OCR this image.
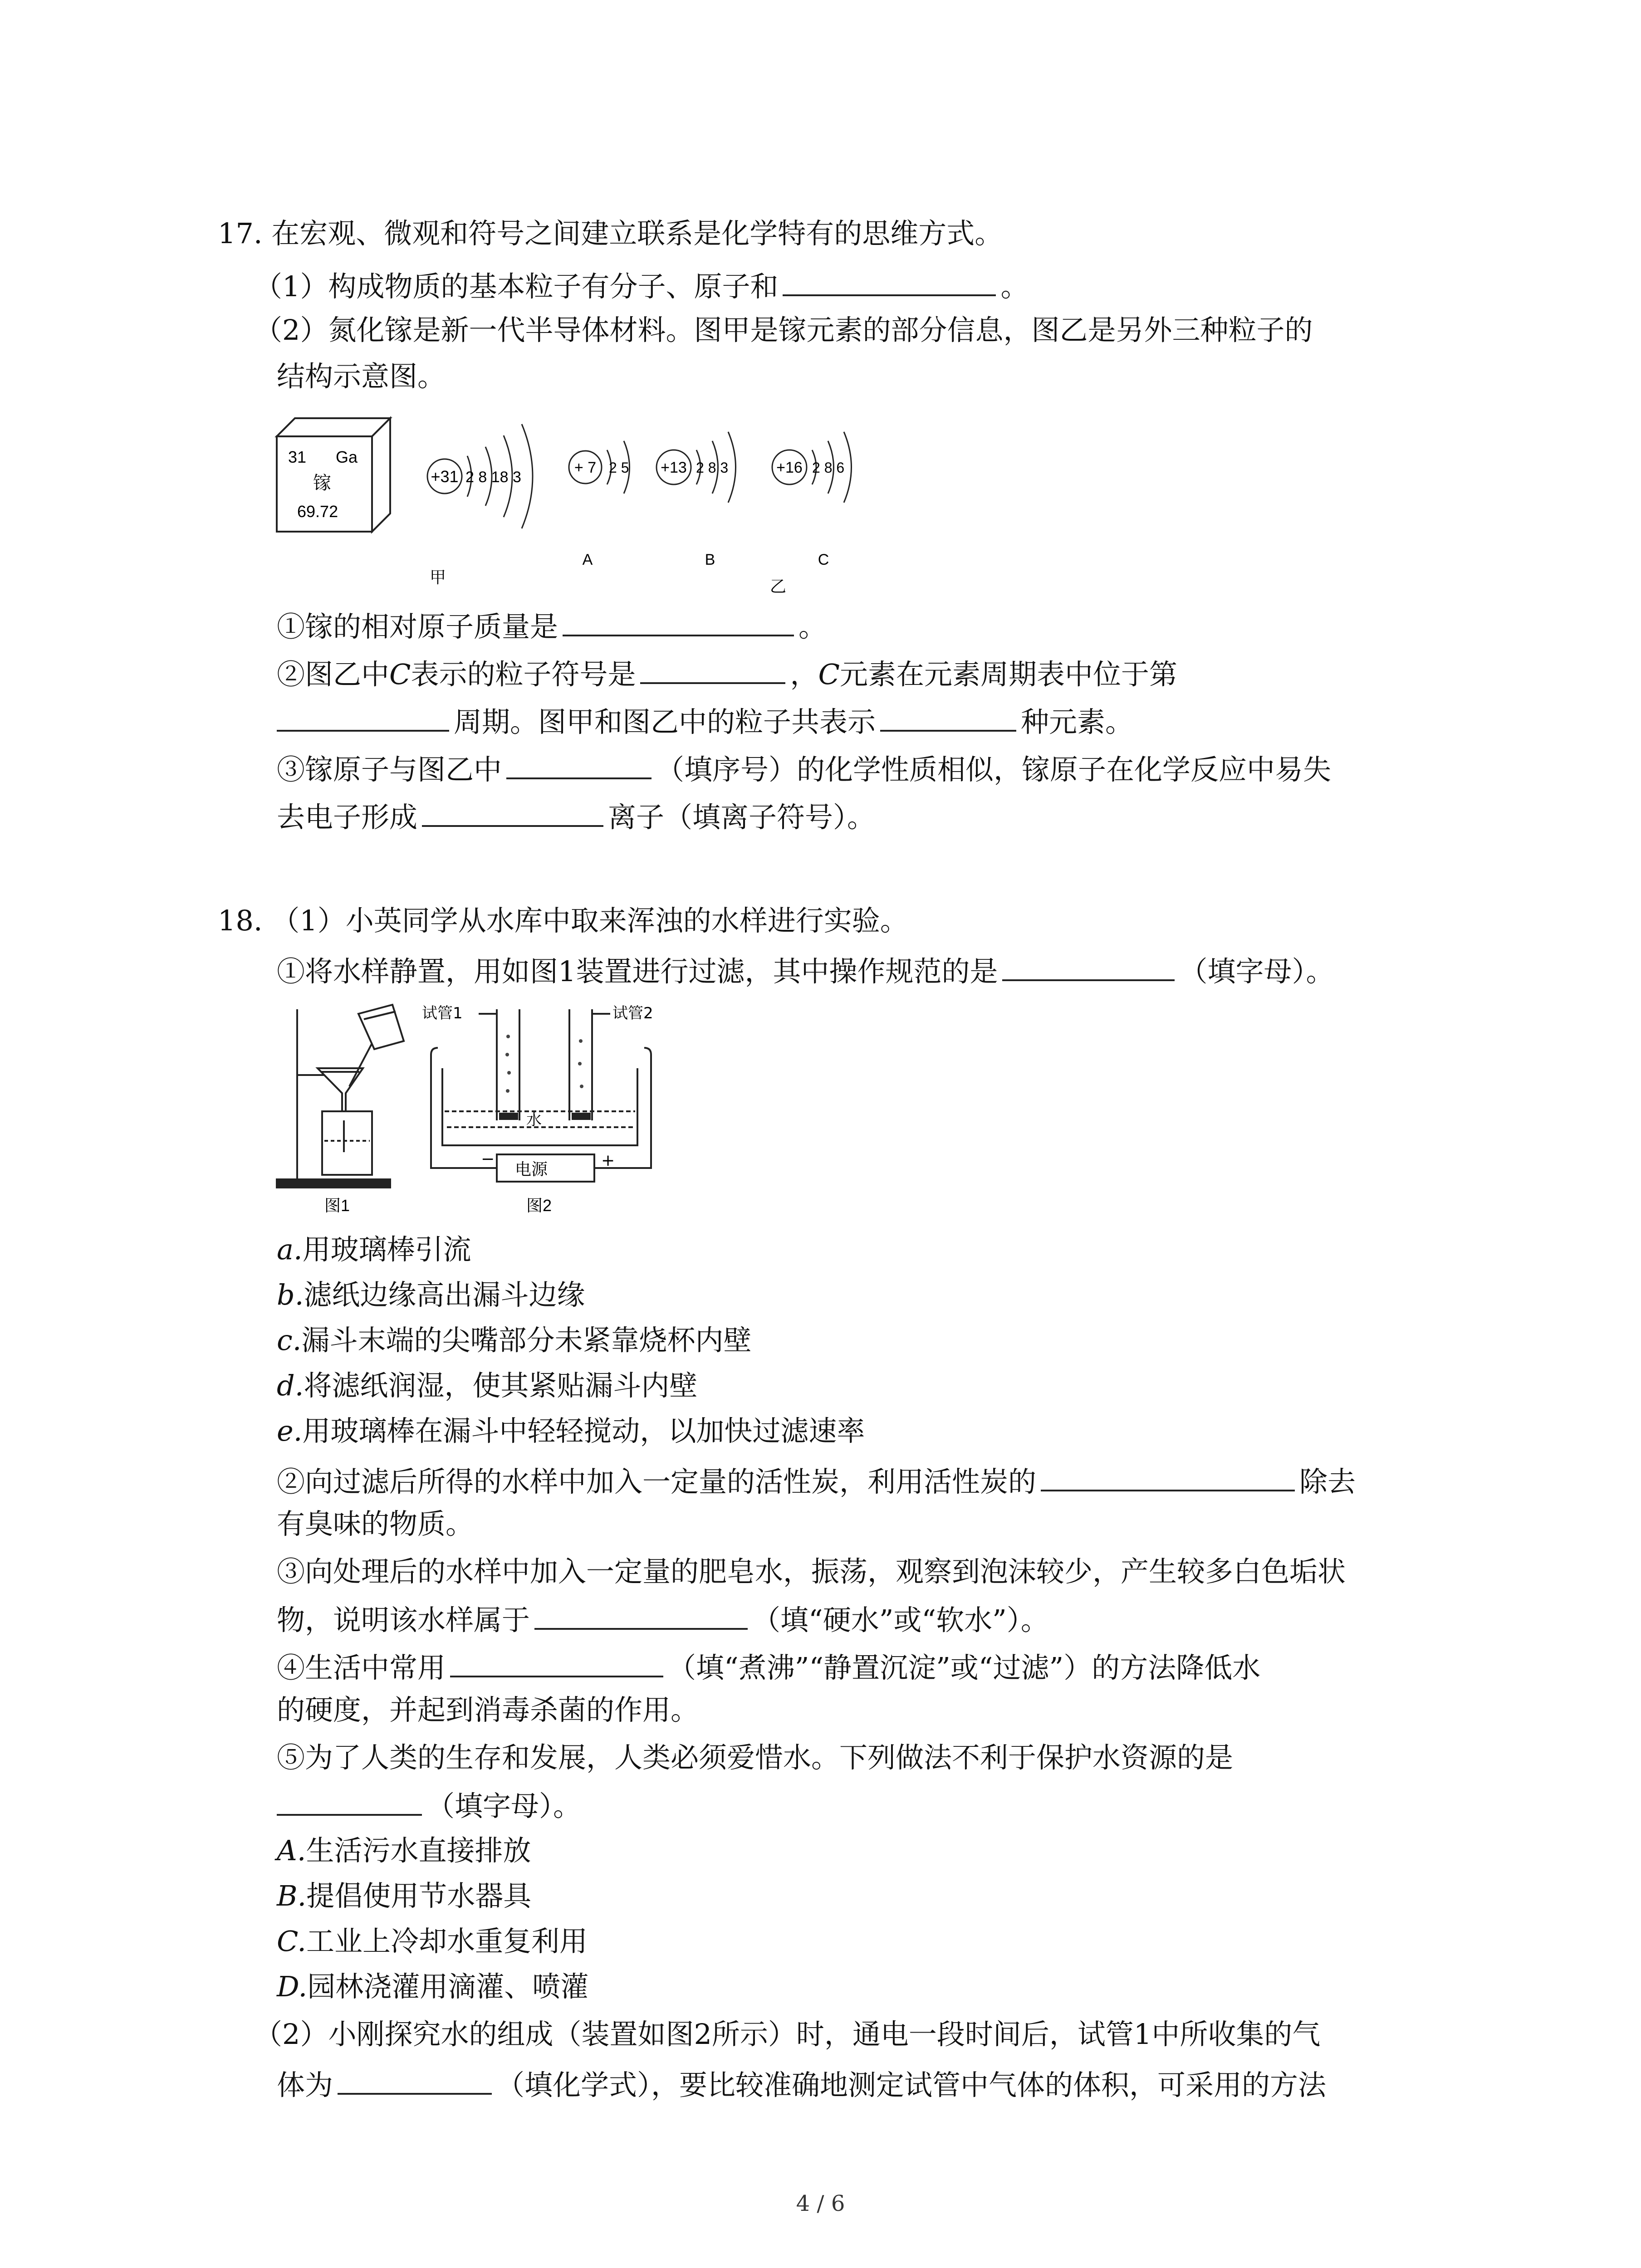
17. 在宏观、微观和符号之间建立联系是化学特有的思维方式。
（1）构成物质的基本粒子有分子、原子和	。
（2）氮化镓是新一代半导体材料。图甲是镓元素的部分信息，图乙是另外三种粒子的
结构示意图。
31 Ga
镓
69.72
+31 2 8 18 3
+ 7 2 5
A
+13 2 8 3
B
+16 2 8 6
C
甲	乙
①镓的相对原子质量是	。
②图乙中C表示的粒子符号是	，C元素在元素周期表中位于第
周期。图甲和图乙中的粒子共表示	种元素。
③镓原子与图乙中	（填序号）的化学性质相似，镓原子在化学反应中易失
去电子形成	离子（填离子符号）。
18. （1）小英同学从水库中取来浑浊的水样进行实验。
①将水样静置，用如图1装置进行过滤，其中操作规范的是	（填字母）。
图1
试管1	试管2
水
电源
−	+
图2
a.用玻璃棒引流
b.滤纸边缘高出漏斗边缘
c.漏斗末端的尖嘴部分未紧靠烧杯内壁
d.将滤纸润湿，使其紧贴漏斗内壁
e.用玻璃棒在漏斗中轻轻搅动，以加快过滤速率
②向过滤后所得的水样中加入一定量的活性炭，利用活性炭的	除去
有臭味的物质。
③向处理后的水样中加入一定量的肥皂水，振荡，观察到泡沫较少，产生较多白色垢状
物，说明该水样属于	（填“硬水”或“软水”）。
④生活中常用	（填“煮沸”“静置沉淀”或“过滤”）的方法降低水
的硬度，并起到消毒杀菌的作用。
⑤为了人类的生存和发展，人类必须爱惜水。下列做法不利于保护水资源的是
（填字母）。
A.生活污水直接排放
B.提倡使用节水器具
C.工业上冷却水重复利用
D.园林浇灌用滴灌、喷灌
（2）小刚探究水的组成（装置如图2所示）时，通电一段时间后，试管1中所收集的气
体为	（填化学式），要比较准确地测定试管中气体的体积，可采用的方法
4 / 6
